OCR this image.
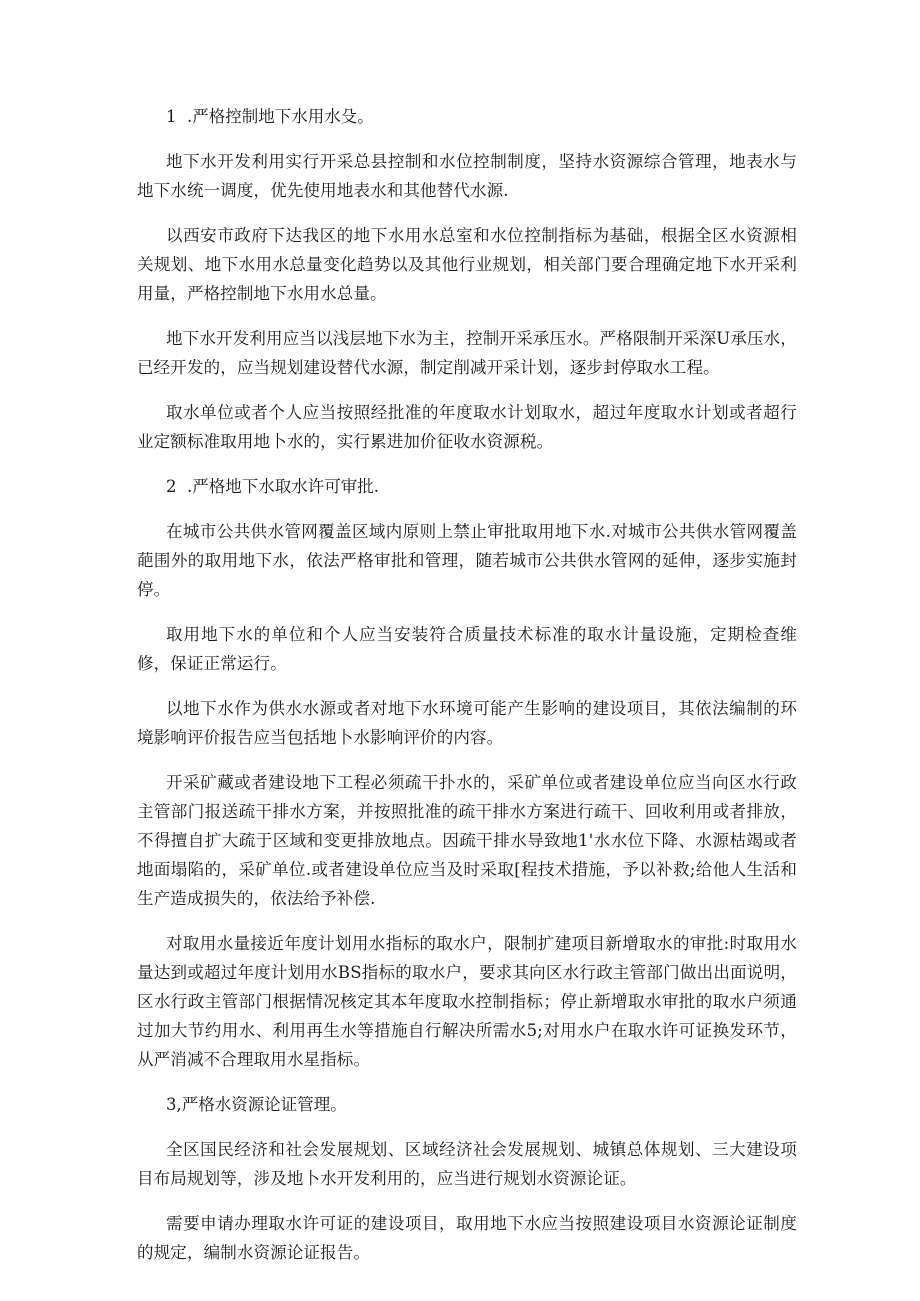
1  .严格控制地下水用水殳。
地下水开发利用实行开采总县控制和水位控制制度，坚持水资源综合管理，地表水与地下水统一调度，优先使用地表水和其他替代水源.
以西安市政府下达我区的地下水用水总室和水位控制指标为基础，根据全区水资源相关规划、地下水用水总量变化趋势以及其他行业规划，相关部门要合理确定地下水开采利用量，严格控制地下水用水总量。
地下水开发利用应当以浅层地下水为主，控制开采承压水。严格限制开采深U承压水，已经开发的，应当规划建设替代水源，制定削减开采计划，逐步封停取水工程。
取水单位或者个人应当按照经批准的年度取水计划取水，超过年度取水计划或者超行业定额标准取用地卜水的，实行累进加价征收水资源税。
2  .严格地下水取水许可审批.
在城市公共供水管网覆盖区域内原则上禁止审批取用地下水.对城市公共供水管网覆盖葩围外的取用地下水，依法严格审批和管理，随若城市公共供水管网的延伸，逐步实施封停。
取用地下水的单位和个人应当安装符合质量技术标准的取水计量设施，定期检查维修，保证正常运行。
以地下水作为供水水源或者对地下水环境可能产生影响的建设项目，其依法编制的环境影响评价报告应当包括地卜水影响评价的内容。
开采矿藏或者建设地下工程必须疏干扑水的，采矿单位或者建设单位应当向区水行政主管部门报送疏干排水方案，并按照批准的疏干排水方案进行疏干、回收利用或者排放，不得擅自扩大疏于区域和变更排放地点。因疏干排水导致地1'水水位下降、水源枯竭或者地面塌陷的，采矿单位.或者建设单位应当及时采取[程技术措施，予以补救;给他人生活和生产造成损失的，依法给予补偿.
对取用水量接近年度计划用水指标的取水户，限制扩建项目新增取水的审批:时取用水量达到或超过年度计划用水BS指标的取水户，要求其向区水行政主管部门做出出面说明，区水行政主管部门根据情况核定其本年度取水控制指标；停止新增取水审批的取水户须通过加大节约用水、利用再生水等措施自行解决所需水5;对用水户在取水许可证换发环节，从严消减不合理取用水星指标。
3,严格水资源论证管理。
全区国民经济和社会发展规划、区域经济社会发展规划、城镇总体规划、三大建设项目布局规划等，涉及地卜水开发利用的，应当进行规划水资源论证。
需要申请办理取水许可证的建设项目，取用地下水应当按照建设项目水资源论证制度的规定，编制水资源论证报告。
